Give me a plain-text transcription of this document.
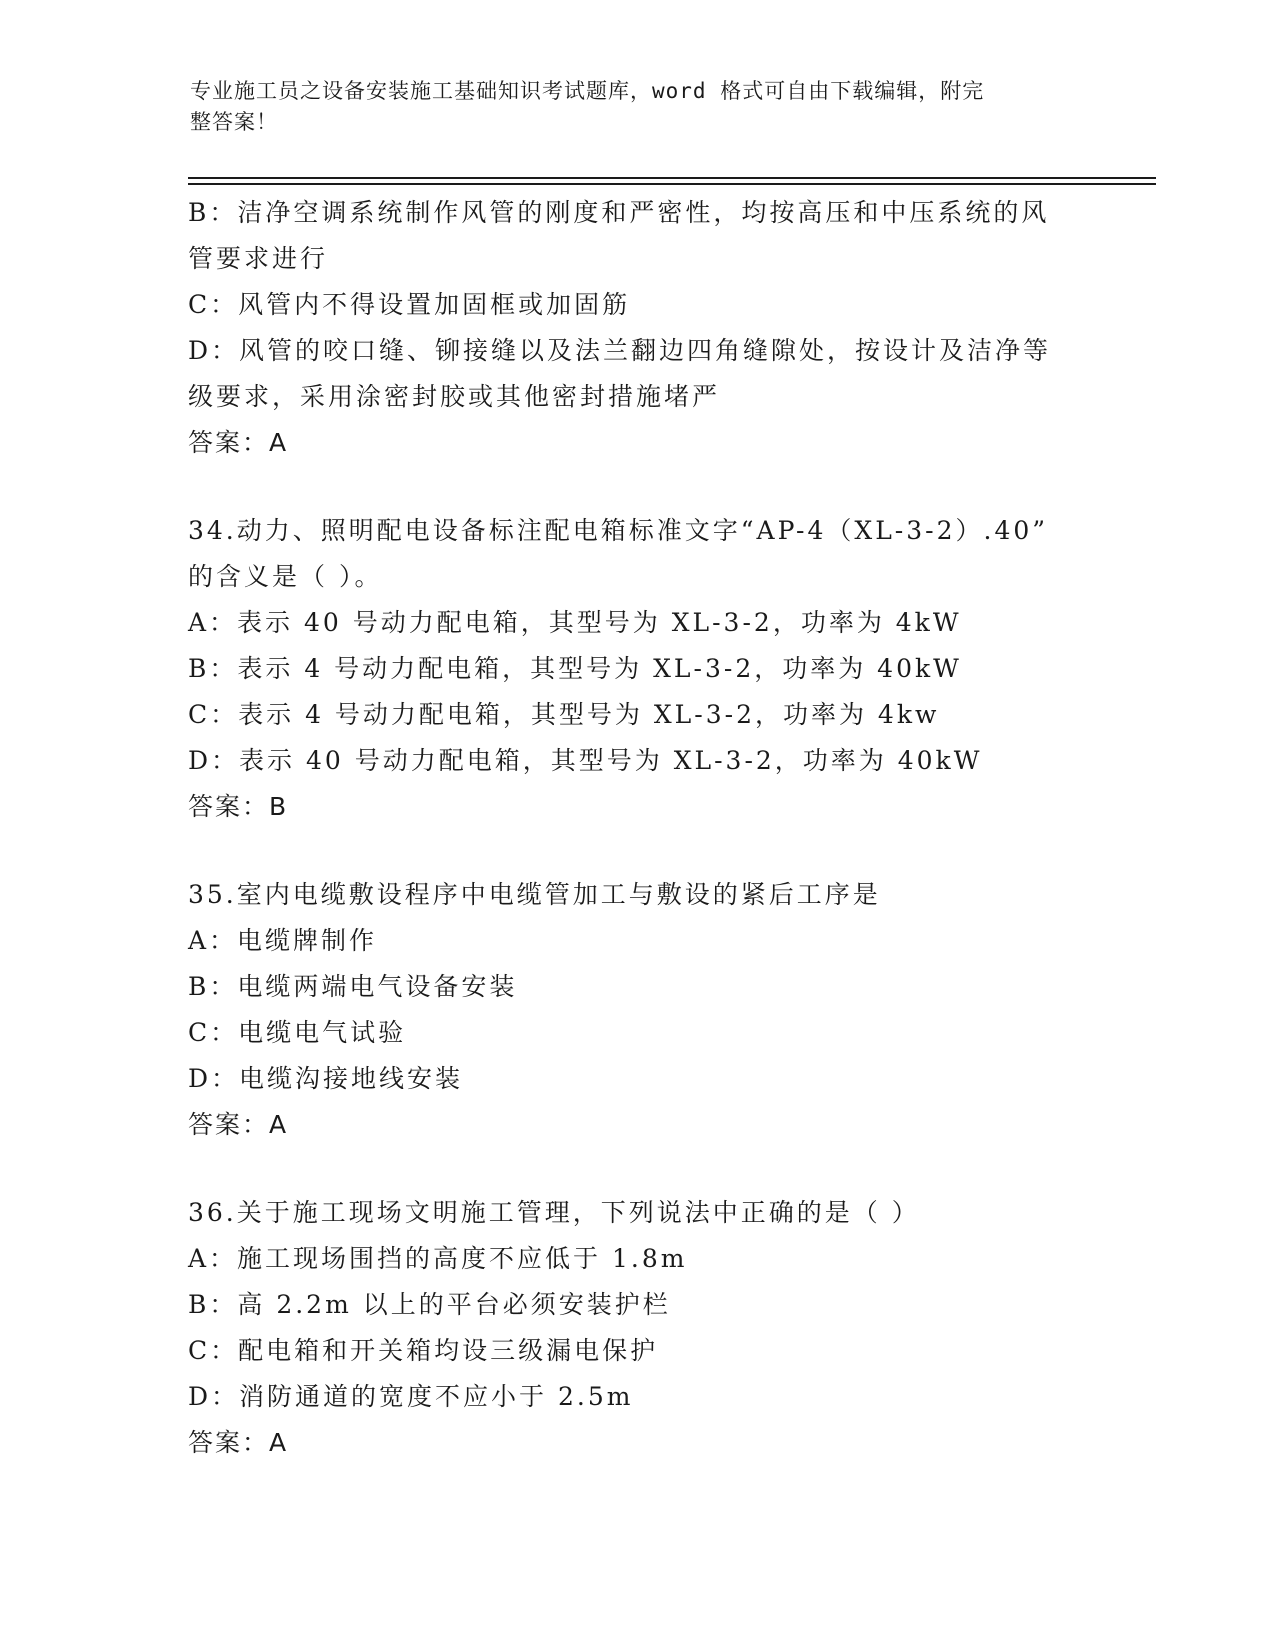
专业施工员之设备安装施工基础知识考试题库，word 格式可自由下载编辑，附完
整答案！
B：洁净空调系统制作风管的刚度和严密性，均按高压和中压系统的风
管要求进行
C：风管内不得设置加固框或加固筋
D：风管的咬口缝、铆接缝以及法兰翻边四角缝隙处，按设计及洁净等
级要求，采用涂密封胶或其他密封措施堵严
答案：A
34.动力、照明配电设备标注配电箱标准文字“AP-4（XL-3-2）.40”
的含义是（ ）。
A：表示 40 号动力配电箱，其型号为 XL-3-2，功率为 4kW
B：表示 4 号动力配电箱，其型号为 XL-3-2，功率为 40kW
C：表示 4 号动力配电箱，其型号为 XL-3-2，功率为 4kw
D：表示 40 号动力配电箱，其型号为 XL-3-2，功率为 40kW
答案：B
35.室内电缆敷设程序中电缆管加工与敷设的紧后工序是
A：电缆牌制作
B：电缆两端电气设备安装
C：电缆电气试验
D：电缆沟接地线安装
答案：A
36.关于施工现场文明施工管理，下列说法中正确的是（ ）
A：施工现场围挡的高度不应低于 1.8m
B：高 2.2m 以上的平台必须安装护栏
C：配电箱和开关箱均设三级漏电保护
D：消防通道的宽度不应小于 2.5m
答案：A
